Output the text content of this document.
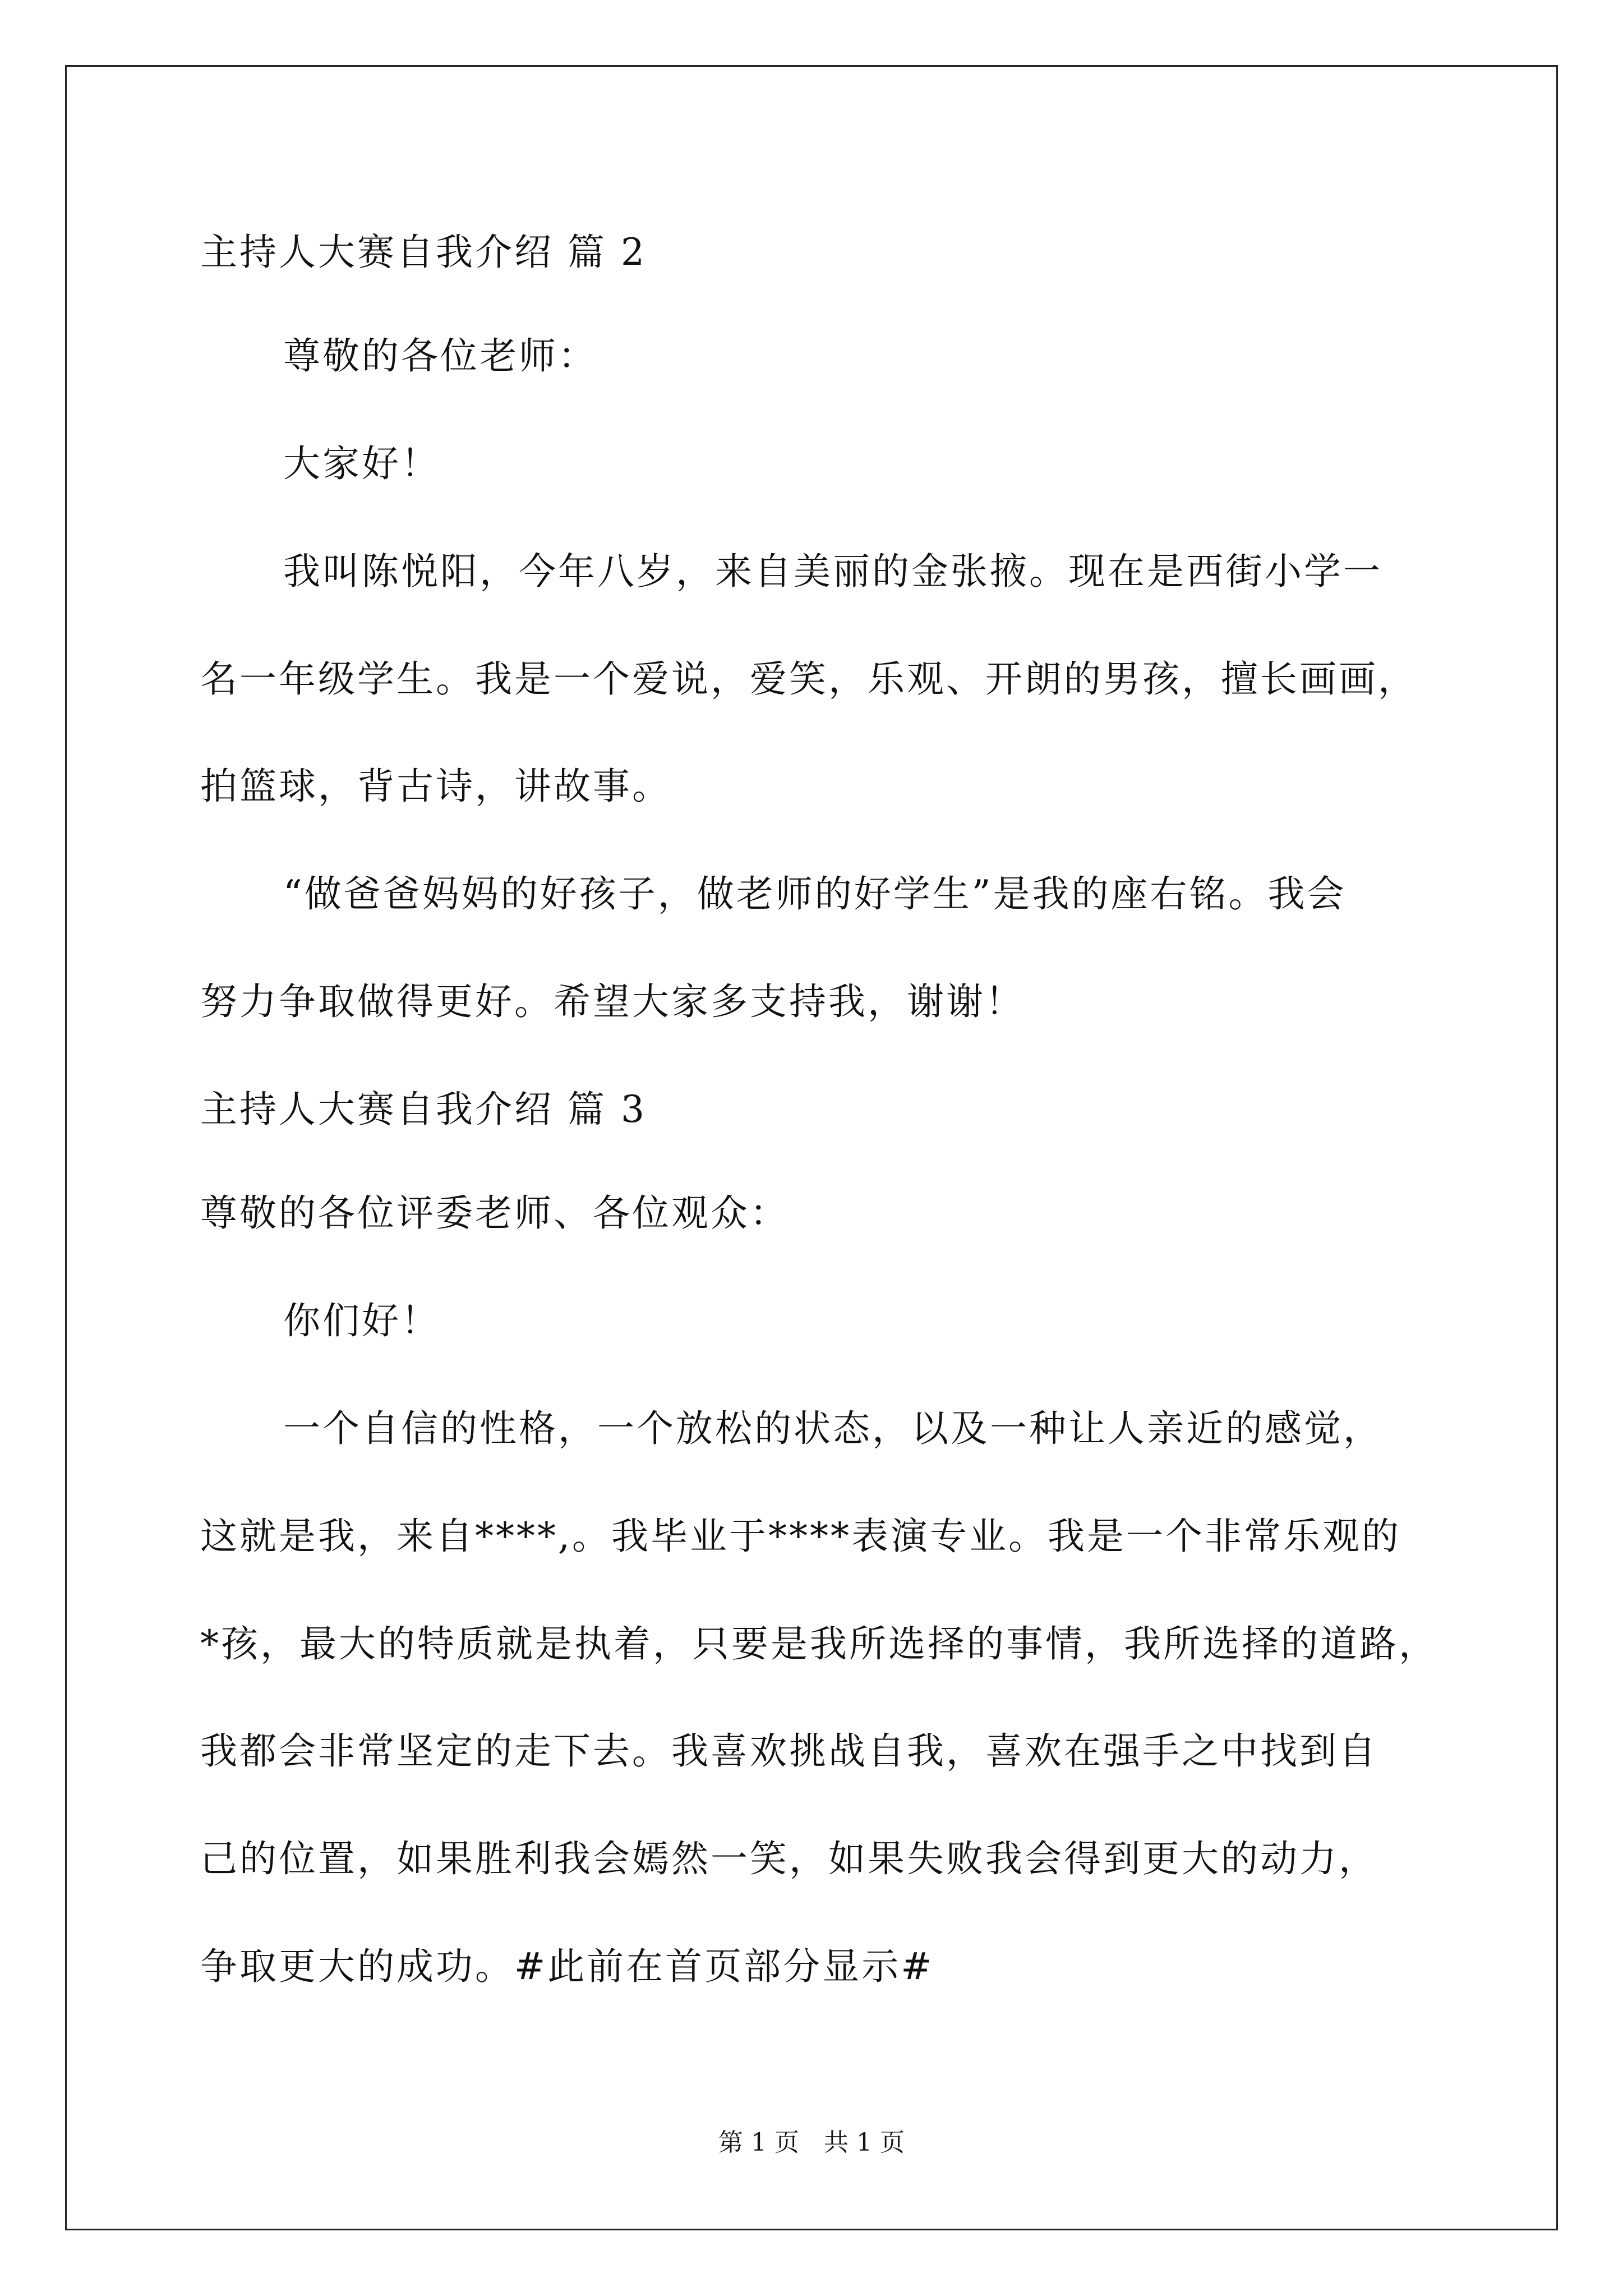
主持人大赛自我介绍 篇 2
尊敬的各位老师：
大家好！
我叫陈悦阳，今年八岁，来自美丽的金张掖。现在是西街小学一
名一年级学生。我是一个爱说，爱笑，乐观、开朗的男孩，擅长画画，
拍篮球，背古诗，讲故事。
“做爸爸妈妈的好孩子，做老师的好学生”是我的座右铭。我会
努力争取做得更好。希望大家多支持我，谢谢！
主持人大赛自我介绍 篇 3
尊敬的各位评委老师、各位观众：
你们好！
一个自信的性格，一个放松的状态，以及一种让人亲近的感觉，
这就是我，来自****,。我毕业于****表演专业。我是一个非常乐观的
*孩，最大的特质就是执着，只要是我所选择的事情，我所选择的道路，
我都会非常坚定的走下去。我喜欢挑战自我，喜欢在强手之中找到自
己的位置，如果胜利我会嫣然一笑，如果失败我会得到更大的动力，
争取更大的成功。#此前在首页部分显示#
第 1 页　共 1 页
